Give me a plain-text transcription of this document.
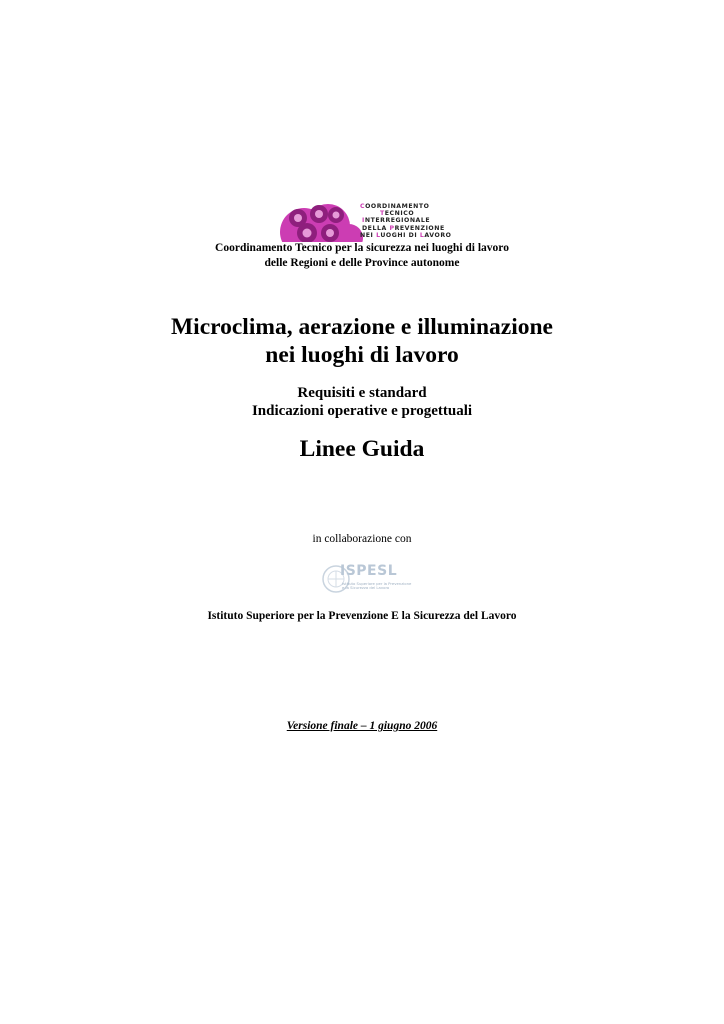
COORDINAMENTO
TECNICO
INTERREGIONALE
DELLA PREVENZIONE
NEI LUOGHI DI LAVORO
Coordinamento Tecnico per la sicurezza nei luoghi di lavoro
delle Regioni e delle Province autonome
Microclima, aerazione e illuminazione
nei luoghi di lavoro
Requisiti e standard
Indicazioni operative e progettuali
Linee Guida
in collaborazione con
ISPESL
Istituto Superiore per la Prevenzione
e la Sicurezza del Lavoro
Istituto Superiore per la Prevenzione E la Sicurezza del Lavoro
Versione finale – 1 giugno 2006
